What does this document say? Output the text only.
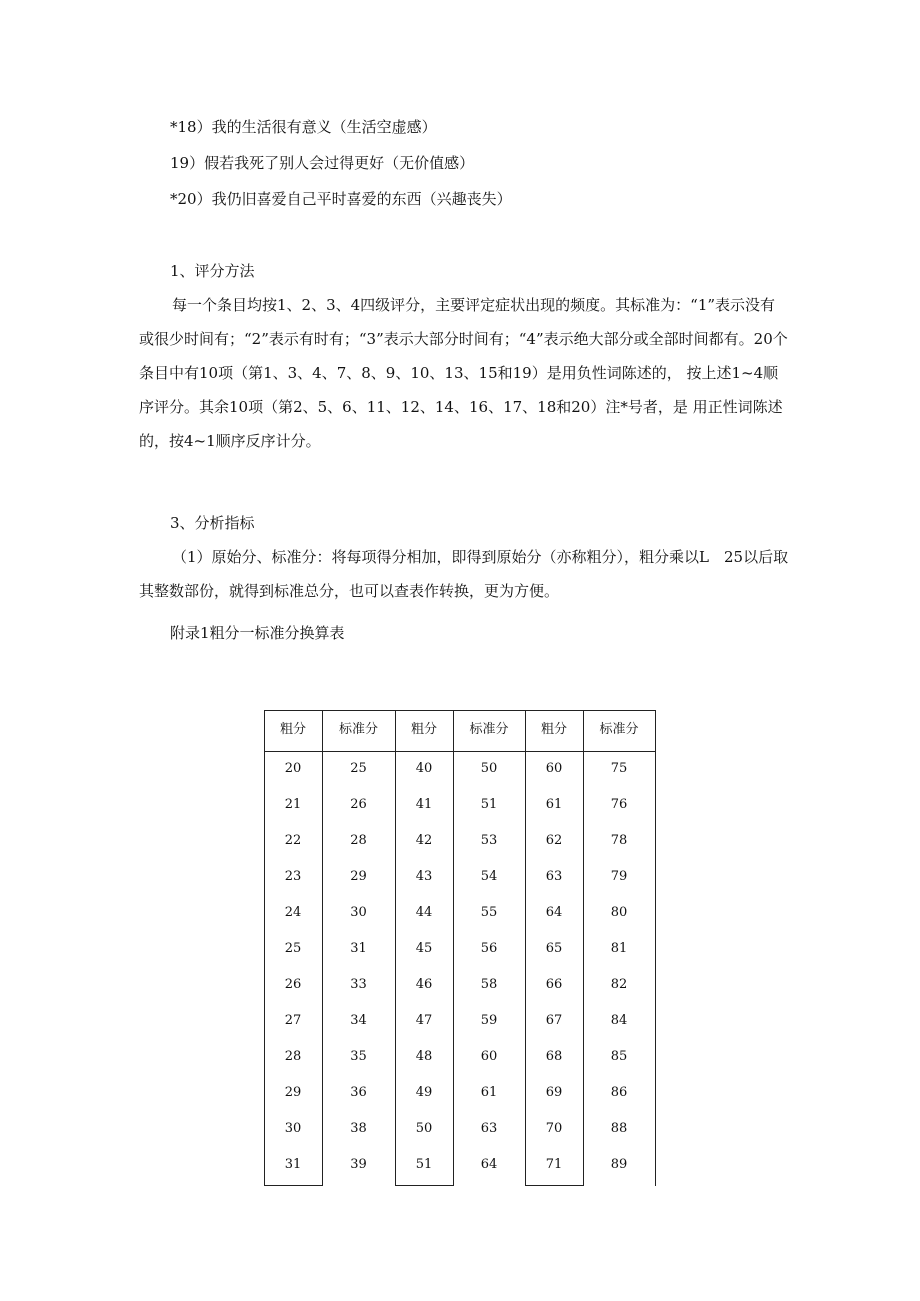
*18）我的生活很有意义（生活空虚感）
19）假若我死了别人会过得更好（无价值感）
*20）我仍旧喜爱自己平时喜爱的东西（兴趣丧失）
1、评分方法

每一个条目均按1、2、3、4四级评分，主要评定症状出现的频度。其标准为：“1”表示没有或很少时间有；“2”表示有时有；“3”表示大部分时间有；“4”表示绝大部分或全部时间都有。20个条目中有10项（第1、3、4、7、8、9、10、13、15和19）是用负性词陈述的， 按上述1~4顺序评分。其余10项（第2、5、6、11、12、14、16、17、18和20）注*号者，是 用正性词陈述的，按4~1顺序反序计分。

3、分析指标

（1）原始分、标准分：将每项得分相加，即得到原始分（亦称粗分），粗分乘以L　25以后取其整数部份，就得到标准总分，也可以查表作转换，更为方便。

附录1粗分一标准分换算表
粗分	标准分	粗分	标准分	粗分	标准分
20	25	40	50	60	75
21	26	41	51	61	76
22	28	42	53	62	78
23	29	43	54	63	79
24	30	44	55	64	80
25	31	45	56	65	81
26	33	46	58	66	82
27	34	47	59	67	84
28	35	48	60	68	85
29	36	49	61	69	86
30	38	50	63	70	88
31	39	51	64	71	89
